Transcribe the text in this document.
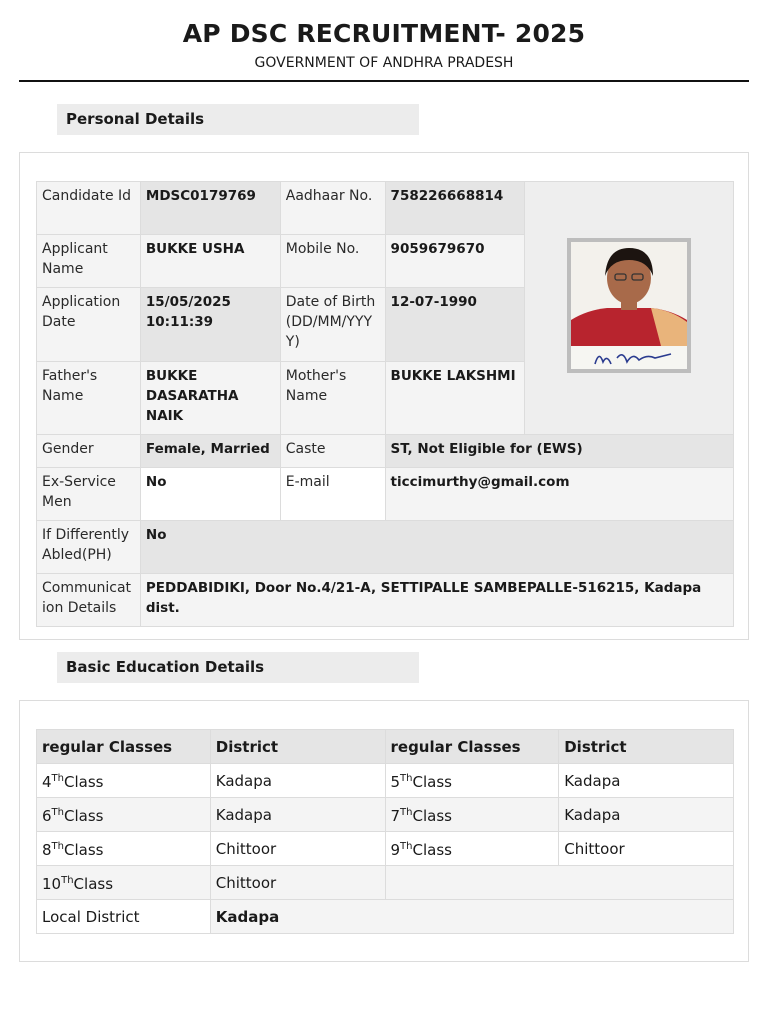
AP DSC RECRUITMENT- 2025
GOVERNMENT OF ANDHRA PRADESH
Personal Details
Candidate Id	MDSC0179769	Aadhaar No.	758226668814	
Applicant Name	BUKKE USHA	Mobile No.	9059679670	
Application Date	15/05/2025 10:11:39	Date of Birth (DD/MM/YYYY)	12-07-1990	
Father's Name	BUKKE DASARATHA NAIK	Mother's Name	BUKKE LAKSHMI	
Gender	Female, Married	Caste	ST, Not Eligible for (EWS)	
Ex-Service Men	No	E-mail	ticcimurthy@gmail.com	
If Differently Abled(PH)	No			
Communication Details	PEDDABIDIKI, Door No.4/21-A, SETTIPALLE SAMBEPALLE-516215, Kadapa dist.			
Basic Education Details
regular Classes	District	regular Classes	District
4ThClass	Kadapa	5ThClass	Kadapa
6ThClass	Kadapa	7ThClass	Kadapa
8ThClass	Chittoor	9ThClass	Chittoor
10ThClass	Chittoor		
Local District	Kadapa		
